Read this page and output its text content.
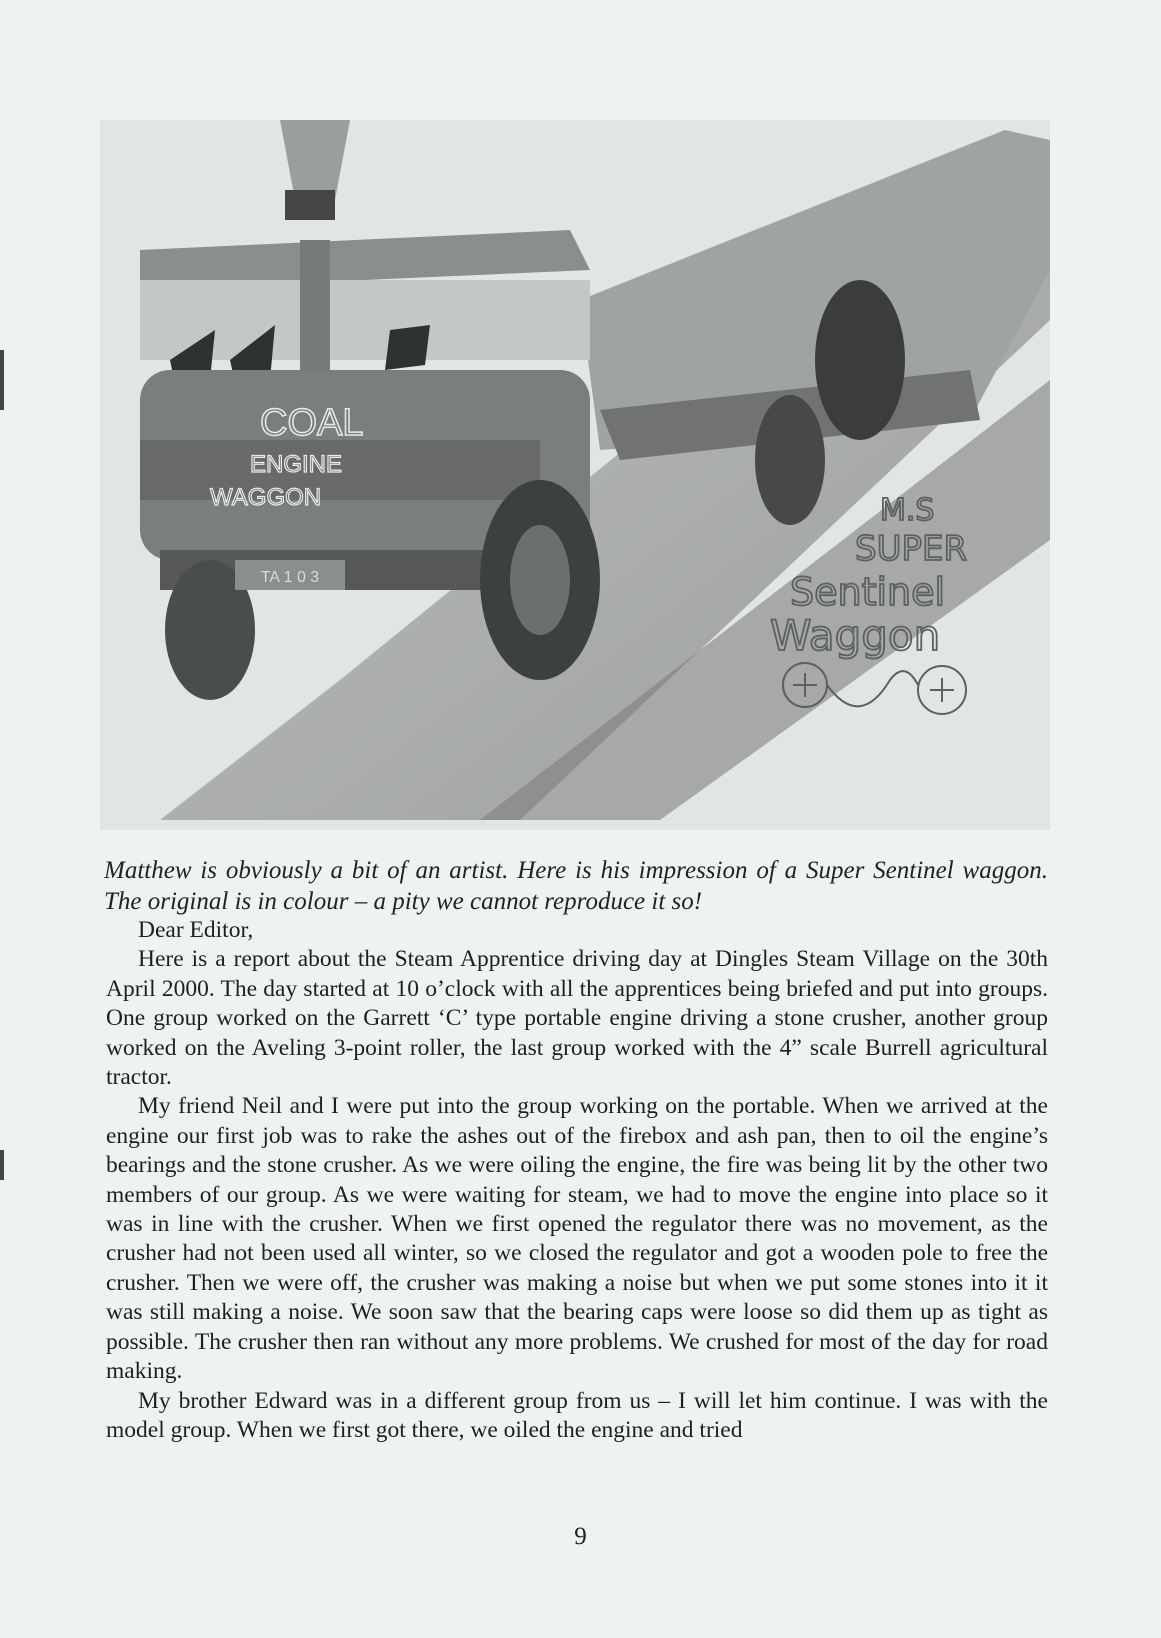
TA 1 0 3
COAL
ENGINE
WAGGON	M.S
SUPER
Sentinel
Waggon

Matthew is obviously a bit of an artist. Here is his impression of a Super Sentinel waggon. The original is in colour – a pity we cannot reproduce it so!

Dear Editor,

Here is a report about the Steam Apprentice driving day at Dingles Steam Village on the 30th April 2000. The day started at 10 o’clock with all the apprentices being briefed and put into groups. One group worked on the Garrett ‘C’ type portable engine driving a stone crusher, another group worked on the Aveling 3-point roller, the last group worked with the 4” scale Burrell agricultural tractor.

My friend Neil and I were put into the group working on the portable. When we arrived at the engine our first job was to rake the ashes out of the firebox and ash pan, then to oil the engine’s bearings and the stone crusher. As we were oiling the engine, the fire was being lit by the other two members of our group. As we were waiting for steam, we had to move the engine into place so it was in line with the crusher. When we first opened the regulator there was no movement, as the crusher had not been used all winter, so we closed the regulator and got a wooden pole to free the crusher. Then we were off, the crusher was making a noise but when we put some stones into it it was still making a noise. We soon saw that the bearing caps were loose so did them up as tight as possible. The crusher then ran without any more problems. We crushed for most of the day for road making.

My brother Edward was in a different group from us – I will let him continue. I was with the model group. When we first got there, we oiled the engine and tried

9
